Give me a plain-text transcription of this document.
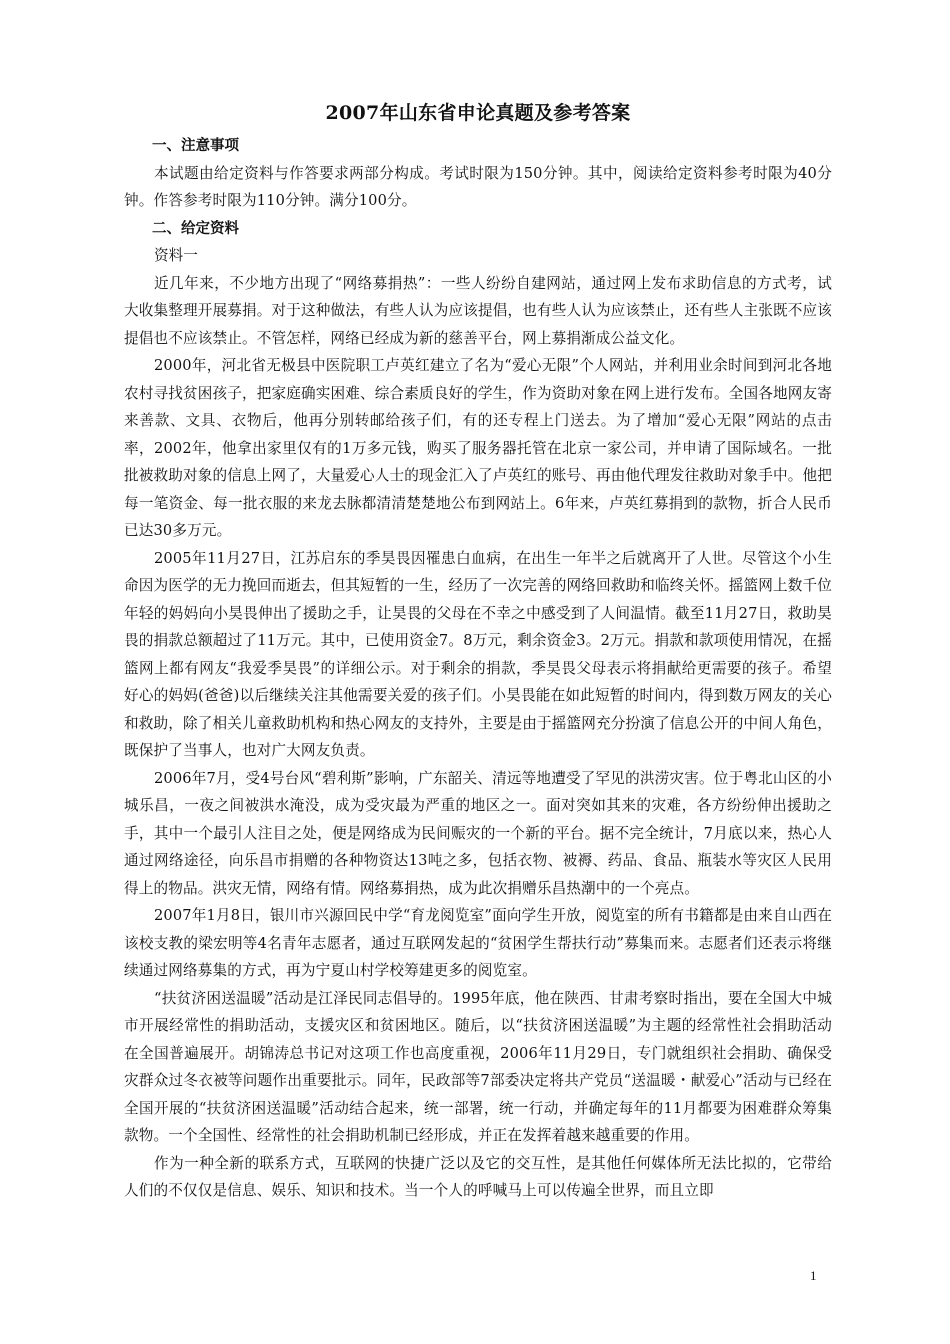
2007年山东省申论真题及参考答案
一、注意事项

本试题由给定资料与作答要求两部分构成。考试时限为150分钟。其中，阅读给定资料参考时限为40分钟。作答参考时限为110分钟。满分100分。

二、给定资料
资料一

近几年来，不少地方出现了“网络募捐热”：一些人纷纷自建网站，通过网上发布求助信息的方式考，试大收集整理开展募捐。对于这种做法，有些人认为应该提倡，也有些人认为应该禁止，还有些人主张既不应该提倡也不应该禁止。不管怎样，网络已经成为新的慈善平台，网上募捐渐成公益文化。

2000年，河北省无极县中医院职工卢英红建立了名为“爱心无限”个人网站，并利用业余时间到河北各地农村寻找贫困孩子，把家庭确实困难、综合素质良好的学生，作为资助对象在网上进行发布。全国各地网友寄来善款、文具、衣物后，他再分别转邮给孩子们，有的还专程上门送去。为了增加“爱心无限”网站的点击率，2002年，他拿出家里仅有的1万多元钱，购买了服务器托管在北京一家公司，并申请了国际域名。一批批被救助对象的信息上网了，大量爱心人士的现金汇入了卢英红的账号、再由他代理发往救助对象手中。他把每一笔资金、每一批衣服的来龙去脉都清清楚楚地公布到网站上。6年来，卢英红募捐到的款物，折合人民币已达30多万元。

2005年11月27日，江苏启东的季昊畏因罹患白血病，在出生一年半之后就离开了人世。尽管这个小生命因为医学的无力挽回而逝去，但其短暂的一生，经历了一次完善的网络回救助和临终关怀。摇篮网上数千位年轻的妈妈向小昊畏伸出了援助之手，让昊畏的父母在不幸之中感受到了人间温情。截至11月27日，救助昊畏的捐款总额超过了11万元。其中，已使用资金7。8万元，剩余资金3。2万元。捐款和款项使用情况，在摇篮网上都有网友“我爱季昊畏”的详细公示。对于剩余的捐款，季昊畏父母表示将捐献给更需要的孩子。希望好心的妈妈(爸爸)以后继续关注其他需要关爱的孩子们。小昊畏能在如此短暂的时间内，得到数万网友的关心和救助，除了相关儿童救助机构和热心网友的支持外，主要是由于摇篮网充分扮演了信息公开的中间人角色，既保护了当事人，也对广大网友负责。

2006年7月，受4号台风“碧利斯”影响，广东韶关、清远等地遭受了罕见的洪涝灾害。位于粤北山区的小城乐昌，一夜之间被洪水淹没，成为受灾最为严重的地区之一。面对突如其来的灾难，各方纷纷伸出援助之手，其中一个最引人注目之处，便是网络成为民间赈灾的一个新的平台。据不完全统计，7月底以来，热心人通过网络途径，向乐昌市捐赠的各种物资达13吨之多，包括衣物、被褥、药品、食品、瓶装水等灾区人民用得上的物品。洪灾无情，网络有情。网络募捐热，成为此次捐赠乐昌热潮中的一个亮点。

2007年1月8日，银川市兴源回民中学“育龙阅览室”面向学生开放，阅览室的所有书籍都是由来自山西在该校支教的梁宏明等4名青年志愿者，通过互联网发起的“贫困学生帮扶行动”募集而来。志愿者们还表示将继续通过网络募集的方式，再为宁夏山村学校筹建更多的阅览室。

“扶贫济困送温暖”活动是江泽民同志倡导的。1995年底，他在陕西、甘肃考察时指出，要在全国大中城市开展经常性的捐助活动，支援灾区和贫困地区。随后，以“扶贫济困送温暖”为主题的经常性社会捐助活动在全国普遍展开。胡锦涛总书记对这项工作也高度重视，2006年11月29日，专门就组织社会捐助、确保受灾群众过冬衣被等问题作出重要批示。同年，民政部等7部委决定将共产党员“送温暖・献爱心”活动与已经在全国开展的“扶贫济困送温暖”活动结合起来，统一部署，统一行动，并确定每年的11月都要为困难群众筹集款物。一个全国性、经常性的社会捐助机制已经形成，并正在发挥着越来越重要的作用。

作为一种全新的联系方式，互联网的快捷广泛以及它的交互性，是其他任何媒体所无法比拟的，它带给人们的不仅仅是信息、娱乐、知识和技术。当一个人的呼喊马上可以传遍全世界，而且立即

1
